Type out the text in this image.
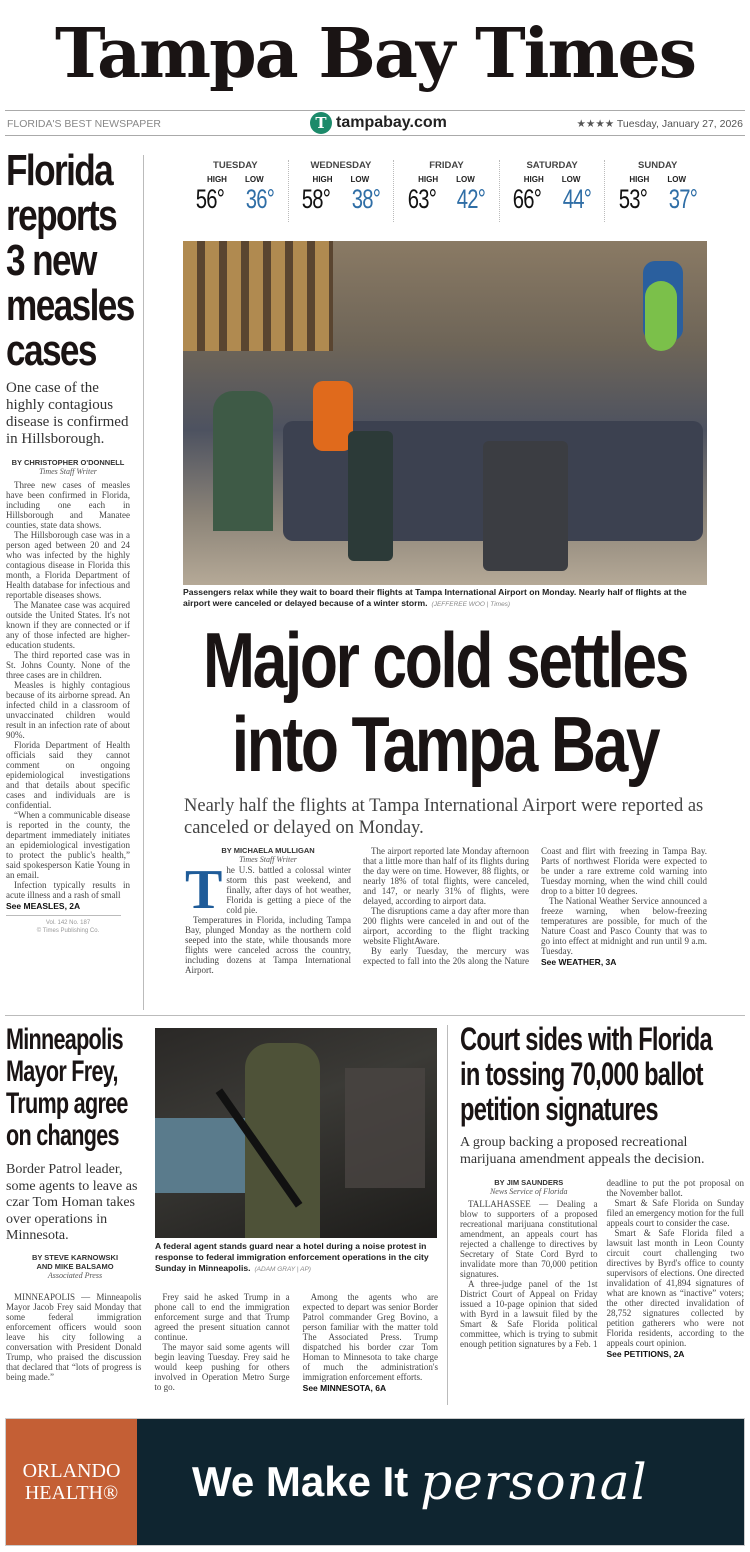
Tampa Bay Times
FLORIDA'S BEST NEWSPAPER	T tampabay.com	★★★★ Tuesday, January 27, 2026
Florida
reports
3 new
measles
cases
One case of the highly contagious disease is confirmed in Hillsborough.
BY CHRISTOPHER O'DONNELL
Times Staff Writer

Three new cases of measles have been confirmed in Florida, including one each in Hillsborough and Manatee counties, state data shows.

The Hillsborough case was in a person aged between 20 and 24 who was infected by the highly contagious disease in Florida this month, a Florida Department of Health database for infectious and reportable diseases shows.

The Manatee case was acquired outside the United States. It's not known if they are connected or if any of those infected are higher-education students.

The third reported case was in St. Johns County. None of the three cases are in children.

Measles is highly contagious because of its airborne spread. An infected child in a classroom of unvaccinated children would result in an infection rate of about 90%.

Florida Department of Health officials said they cannot comment on ongoing epidemiological investigations and that details about specific cases and individuals are is confidential.

“When a communicable disease is reported in the county, the department immediately initiates an epidemiological investigation to protect the public's health,” said spokesperson Katie Young in an email.

Infection typically results in acute illness and a rash of small

See MEASLES, 2A
Vol. 142 No. 187
© Times Publishing Co.
TUESDAY
HIGH LOW
56° 36°
WEDNESDAY
HIGH LOW
58° 38°
FRIDAY
HIGH LOW
63° 42°
SATURDAY
HIGH LOW
66° 44°
SUNDAY
HIGH LOW
53° 37°
Passengers relax while they wait to board their flights at Tampa International Airport on Monday. Nearly half of flights at the airport were canceled or delayed because of a winter storm. (JEFFEREE WOO | Times)
Major cold settles
into Tampa Bay
Nearly half the flights at Tampa International Airport were reported as canceled or delayed on Monday.
BY MICHAELA MULLIGAN
Times Staff Writer

The U.S. battled a colossal winter storm this past weekend, and finally, after days of hot weather, Florida is getting a piece of the cold pie.

Temperatures in Florida, including Tampa Bay, plunged Monday as the northern cold seeped into the state, while thousands more flights were canceled across the country, including dozens at Tampa International Airport.

The airport reported late Monday afternoon that a little more than half of its flights during the day were on time. However, 88 flights, or nearly 18% of total flights, were canceled, and 147, or nearly 31% of flights, were delayed, according to airport data.

The disruptions came a day after more than 200 flights were canceled in and out of the airport, according to the flight tracking website FlightAware.

By early Tuesday, the mercury was expected to fall into the 20s along the Nature Coast and flirt with freezing in Tampa Bay. Parts of northwest Florida were expected to be under a rare extreme cold warning into Tuesday morning, when the wind chill could drop to a bitter 10 degrees.

The National Weather Service announced a freeze warning, when below-freezing temperatures are possible, for much of the Nature Coast and Pasco County that was to go into effect at midnight and run until 9 a.m. Tuesday.

See WEATHER, 3A
Minneapolis
Mayor Frey,
Trump agree
on changes
Border Patrol leader, some agents to leave as czar Tom Homan takes over operations in Minnesota.
BY STEVE KARNOWSKI
AND MIKE BALSAMO
Associated Press
A federal agent stands guard near a hotel during a noise protest in response to federal immigration enforcement operations in the city Sunday in Minneapolis. (ADAM GRAY | AP)

MINNEAPOLIS — Minneapolis Mayor Jacob Frey said Monday that some federal immigration enforcement officers would soon leave his city following a conversation with President Donald Trump, who praised the discussion that declared that “lots of progress is being made.”

Frey said he asked Trump in a phone call to end the immigration enforcement surge and that Trump agreed the present situation cannot continue.

The mayor said some agents will begin leaving Tuesday. Frey said he would keep pushing for others involved in Operation Metro Surge to go.

Among the agents who are expected to depart was senior Border Patrol commander Greg Bovino, a person familiar with the matter told The Associated Press. Trump dispatched his border czar Tom Homan to Minnesota to take charge of much the administration's immigration enforcement efforts.

See MINNESOTA, 6A
Court sides with Florida
in tossing 70,000 ballot
petition signatures
A group backing a proposed recreational marijuana amendment appeals the decision.
BY JIM SAUNDERS
News Service of Florida

TALLAHASSEE — Dealing a blow to supporters of a proposed recreational marijuana constitutional amendment, an appeals court has rejected a challenge to directives by Secretary of State Cord Byrd to invalidate more than 70,000 petition signatures.

A three-judge panel of the 1st District Court of Appeal on Friday issued a 10-page opinion that sided with Byrd in a lawsuit filed by the Smart & Safe Florida political committee, which is trying to submit enough petition signatures by a Feb. 1 deadline to put the pot proposal on the November ballot.

Smart & Safe Florida on Sunday filed an emergency motion for the full appeals court to consider the case.

Smart & Safe Florida filed a lawsuit last month in Leon County circuit court challenging two directives by Byrd's office to county supervisors of elections. One directed invalidation of 41,894 signatures of what are known as “inactive” voters; the other directed invalidation of 28,752 signatures collected by petition gatherers who were not Florida residents, according to the appeals court opinion.

See PETITIONS, 2A
ORLANDO
HEALTH® We Make It personal
